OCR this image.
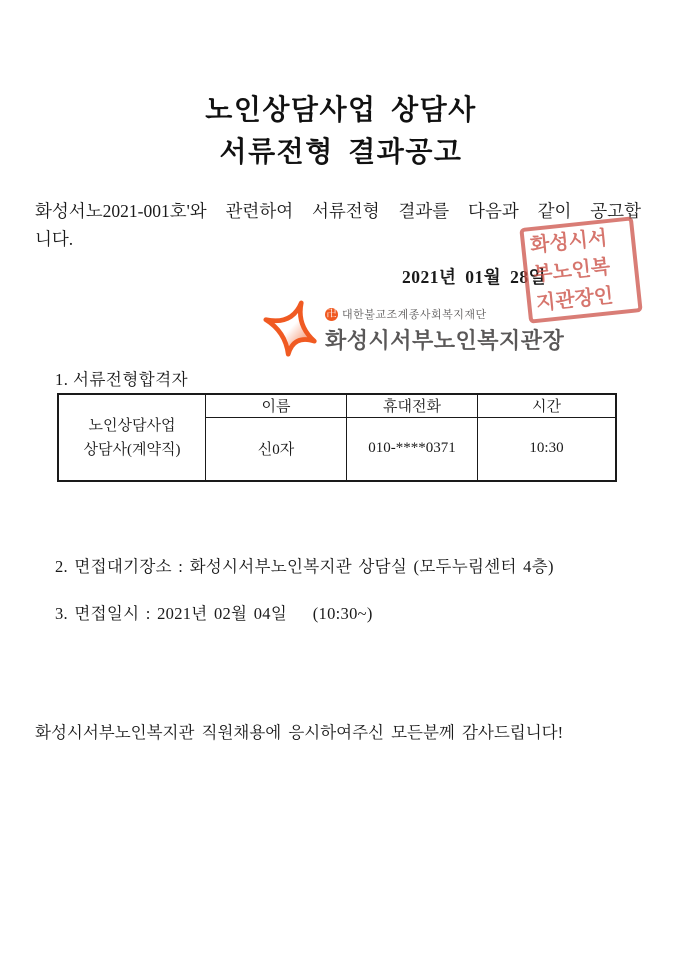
노인상담사업 상담사
서류전형 결과공고
화성서노2021-001호'와 관련하여 서류전형 결과를 다음과 같이 공고합
니다.
2021년 01월 28일
화성시서
부노인복
지관장인
卍 대한불교조계종사회복지재단
화성시서부노인복지관장
1. 서류전형합격자
노인상담사업
상담사(계약직)	이름	휴대전화	시간
	신0자	010-****0371	10:30
2. 면접대기장소 : 화성시서부노인복지관 상담실 (모두누림센터 4층)
3. 면접일시 : 2021년 02월 04일    (10:30~)
화성시서부노인복지관 직원채용에 응시하여주신 모든분께 감사드립니다!
